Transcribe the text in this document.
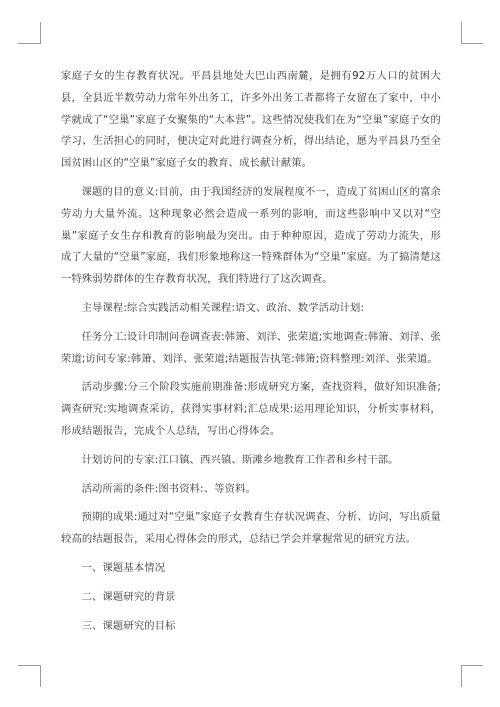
家庭子女的生存教育状况。平昌县地处大巴山西南麓，是拥有92万人口的贫困大县，全县近半数劳动力常年外出务工，许多外出务工者都将子女留在了家中，中小学就成了“空巢”家庭子女聚集的“大本营”。这些情况使我们在为“空巢”家庭子女的学习、生活担心的同时，便决定对此进行调查分析，得出结论，愿为平昌县乃至全国贫困山区的“空巢”家庭子女的教育、成长献计献策。

课题的目的意义:目前，由于我国经济的发展程度不一，造成了贫困山区的富余劳动力大量外流。这种现象必然会造成一系列的影响，而这些影响中又以对“空巢”家庭子女生存和教育的影响最为突出。由于种种原因，造成了劳动力流失，形成了大量的“空巢”家庭，我们形象地称这一特殊群体为“空巢”家庭。为了搞清楚这一特殊弱势群体的生存教育状况，我们特进行了这次调查。

主导课程:综合实践活动相关课程:语文、政治、数学活动计划:

任务分工:设计印制问卷调查表:韩箫、刘洋、张荣道;实地调查:韩箫、刘洋、张荣道;访问专家:韩箫、刘洋、张荣道;结题报告执笔:韩箫;资料整理:刘洋、张荣道。

活动步骤:分三个阶段实施前期准备:形成研究方案，查找资料，做好知识准备;调查研究:实地调查采访，获得实事材料;汇总成果:运用理论知识，分析实事材料，形成结题报告，完成个人总结，写出心得体会。

计划访问的专家:江口镇、西兴镇、斯滩乡地教育工作者和乡村干部。

活动所需的条件:图书资料:、等资料。

预期的成果:通过对“空巢”家庭子女教育生存状况调查、分析、访问，写出质量较高的结题报告，采用心得体会的形式，总结已学会并掌握常见的研究方法。

一、课题基本情况

二、课题研究的背景

三、课题研究的目标
